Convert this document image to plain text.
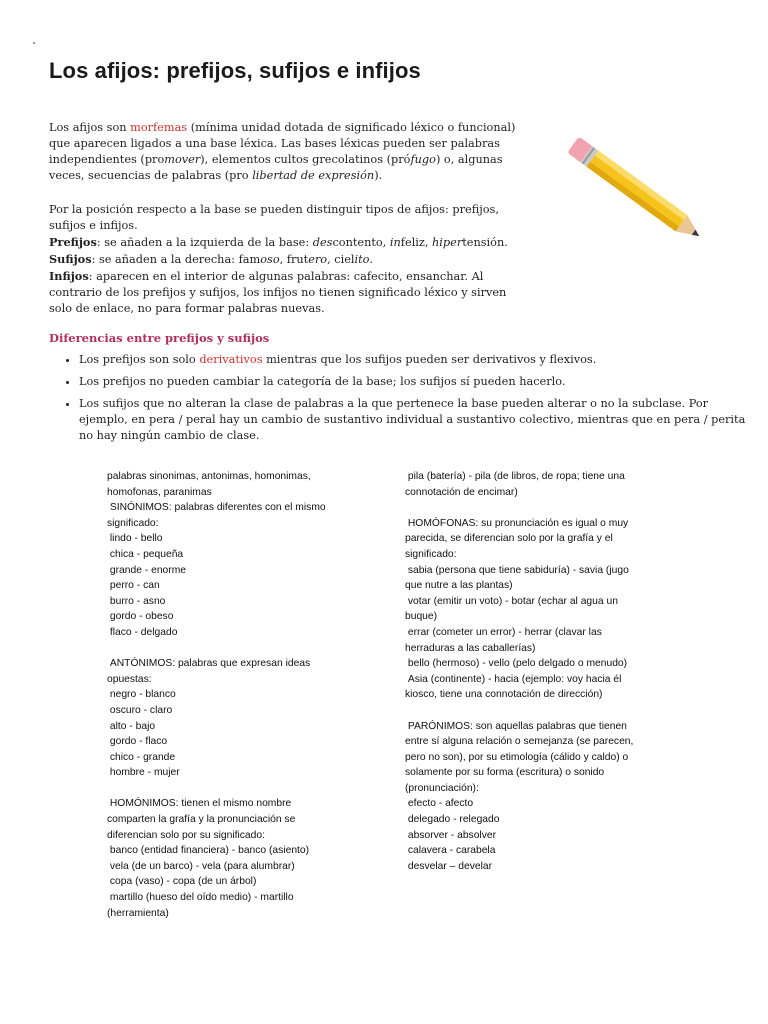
Los afijos: prefijos, sufijos e infijos
Los afijos son morfemas (mínima unidad dotada de significado léxico o funcional) que aparecen ligados a una base léxica. Las bases léxicas pueden ser palabras independientes (promover), elementos cultos grecolatinos (prófugo) o, algunas veces, secuencias de palabras (pro libertad de expresión).
Por la posición respecto a la base se pueden distinguir tipos de afijos: prefijos, sufijos e infijos.
Prefijos: se añaden a la izquierda de la base: descontento, infeliz, hipertensión.
Sufijos: se añaden a la derecha: famoso, frutero, cielito.
Infijos: aparecen en el interior de algunas palabras: cafecito, ensanchar. Al contrario de los prefijos y sufijos, los infijos no tienen significado léxico y sirven solo de enlace, no para formar palabras nuevas.
Diferencias entre prefijos y sufijos
• Los prefijos son solo derivativos mientras que los sufijos pueden ser derivativos y flexivos.
• Los prefijos no pueden cambiar la categoría de la base; los sufijos sí pueden hacerlo.
• Los sufijos que no alteran la clase de palabras a la que pertenece la base pueden alterar o no la subclase. Por ejemplo, en pera / peral hay un cambio de sustantivo individual a sustantivo colectivo, mientras que en pera / perita no hay ningún cambio de clase.
palabras sinonimas, antonimas, homonimas,
homofonas, paranimas
SINÓNIMOS: palabras diferentes con el mismo
significado:
lindo - bello
chica - pequeña
grande - enorme
perro - can
burro - asno
gordo - obeso
flaco - delgado
ANTÓNIMOS: palabras que expresan ideas
opuestas:
negro - blanco
oscuro - claro
alto - bajo
gordo - flaco
chico - grande
hombre - mujer
HOMÓNIMOS: tienen el mismo nombre
comparten la grafía y la pronunciación se
diferencian solo por su significado:
banco (entidad financiera) - banco (asiento)
vela (de un barco) - vela (para alumbrar)
copa (vaso) - copa (de un árbol)
martillo (hueso del oído medio) - martillo
(herramienta)
pila (batería) - pila (de libros, de ropa; tiene una
connotación de encimar)
HOMÓFONAS: su pronunciación es igual o muy
parecida, se diferencian solo por la grafía y el
significado:
sabia (persona que tiene sabiduría) - savia (jugo
que nutre a las plantas)
votar (emitir un voto) - botar (echar al agua un
buque)
errar (cometer un error) - herrar (clavar las
herraduras a las caballerías)
bello (hermoso) - vello (pelo delgado o menudo)
Asia (continente) - hacia (ejemplo: voy hacia él
kiosco, tiene una connotación de dirección)
PARÓNIMOS: son aquellas palabras que tienen
entre sí alguna relación o semejanza (se parecen,
pero no son), por su etimología (cálido y caldo) o
solamente por su forma (escritura) o sonido
(pronunciación):
efecto - afecto
delegado - relegado
absorver - absolver
calavera - carabela
desvelar – develar
